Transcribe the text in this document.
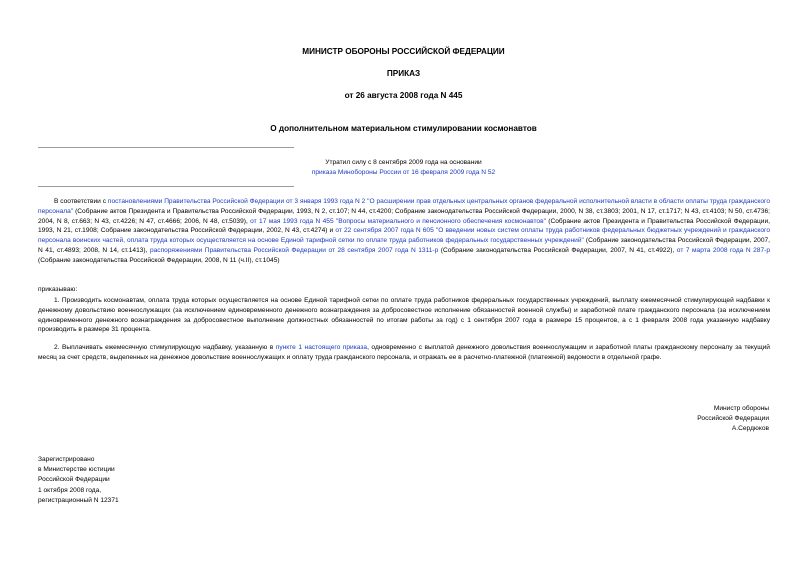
МИНИСТР ОБОРОНЫ РОССИЙСКОЙ ФЕДЕРАЦИИ
ПРИКАЗ
от 26 августа 2008 года N 445
О дополнительном материальном стимулировании космонавтов
Утратил силу с 8 сентября 2009 года на основании
приказа Минобороны России от 16 февраля 2009 года N 52
В соответствии с постановлениями Правительства Российской Федерации от 3 января 1993 года N 2 "О расширении прав отдельных центральных органов федеральной исполнительной власти в области оплаты труда гражданского персонала" (Собрание актов Президента и Правительства Российской Федерации, 1993, N 2, ст.107; N 44, ст.4200; Собрание законодательства Российской Федерации, 2000, N 38, ст.3803; 2001, N 17, ст.1717; N 43, ст.4103; N 50, ст.4736; 2004, N 8, ст.663; N 43, ст.4226; N 47, ст.4666; 2006, N 48, ст.5039), от 17 мая 1993 года N 455 "Вопросы материального и пенсионного обеспечения космонавтов" (Собрание актов Президента и Правительства Российской Федерации, 1993, N 21, ст.1908; Собрание законодательства Российской Федерации, 2002, N 43, ст.4274) и от 22 сентября 2007 года N 605 "О введении новых систем оплаты труда работников федеральных бюджетных учреждений и гражданского персонала воинских частей, оплата труда которых осуществляется на основе Единой тарифной сетки по оплате труда работников федеральных государственных учреждений" (Собрание законодательства Российской Федерации, 2007, N 41, ст.4893; 2008, N 14, ст.1413), распоряжениями Правительства Российской Федерации от 28 сентября 2007 года N 1311-р (Собрание законодательства Российской Федерации, 2007, N 41, ст.4922), от 7 марта 2008 года N 287-р (Собрание законодательства Российской Федерации, 2008, N 11 (ч.II), ст.1045)
приказываю:
1. Производить космонавтам, оплата труда которых осуществляется на основе Единой тарифной сетки по оплате труда работников федеральных государственных учреждений, выплату ежемесячной стимулирующей надбавки к денежному довольствию военнослужащих (за исключением единовременного денежного вознаграждения за добросовестное исполнение обязанностей военной службы) и заработной плате гражданского персонала (за исключением единовременного денежного вознаграждения за добросовестное выполнение должностных обязанностей по итогам работы за год) с 1 сентября 2007 года в размере 15 процентов, а с 1 февраля 2008 года указанную надбавку производить в размере 31 процента.
2. Выплачивать ежемесячную стимулирующую надбавку, указанную в пункте 1 настоящего приказа, одновременно с выплатой денежного довольствия военнослужащим и заработной платы гражданскому персоналу за текущий месяц за счет средств, выделенных на денежное довольствие военнослужащих и оплату труда гражданского персонала, и отражать ее в расчетно-платежной (платежной) ведомости в отдельной графе.
Министр обороны
Российской Федерации
А.Сердюков
Зарегистрировано
в Министерстве юстиции
Российской Федерации
1 октября 2008 года,
регистрационный N 12371
